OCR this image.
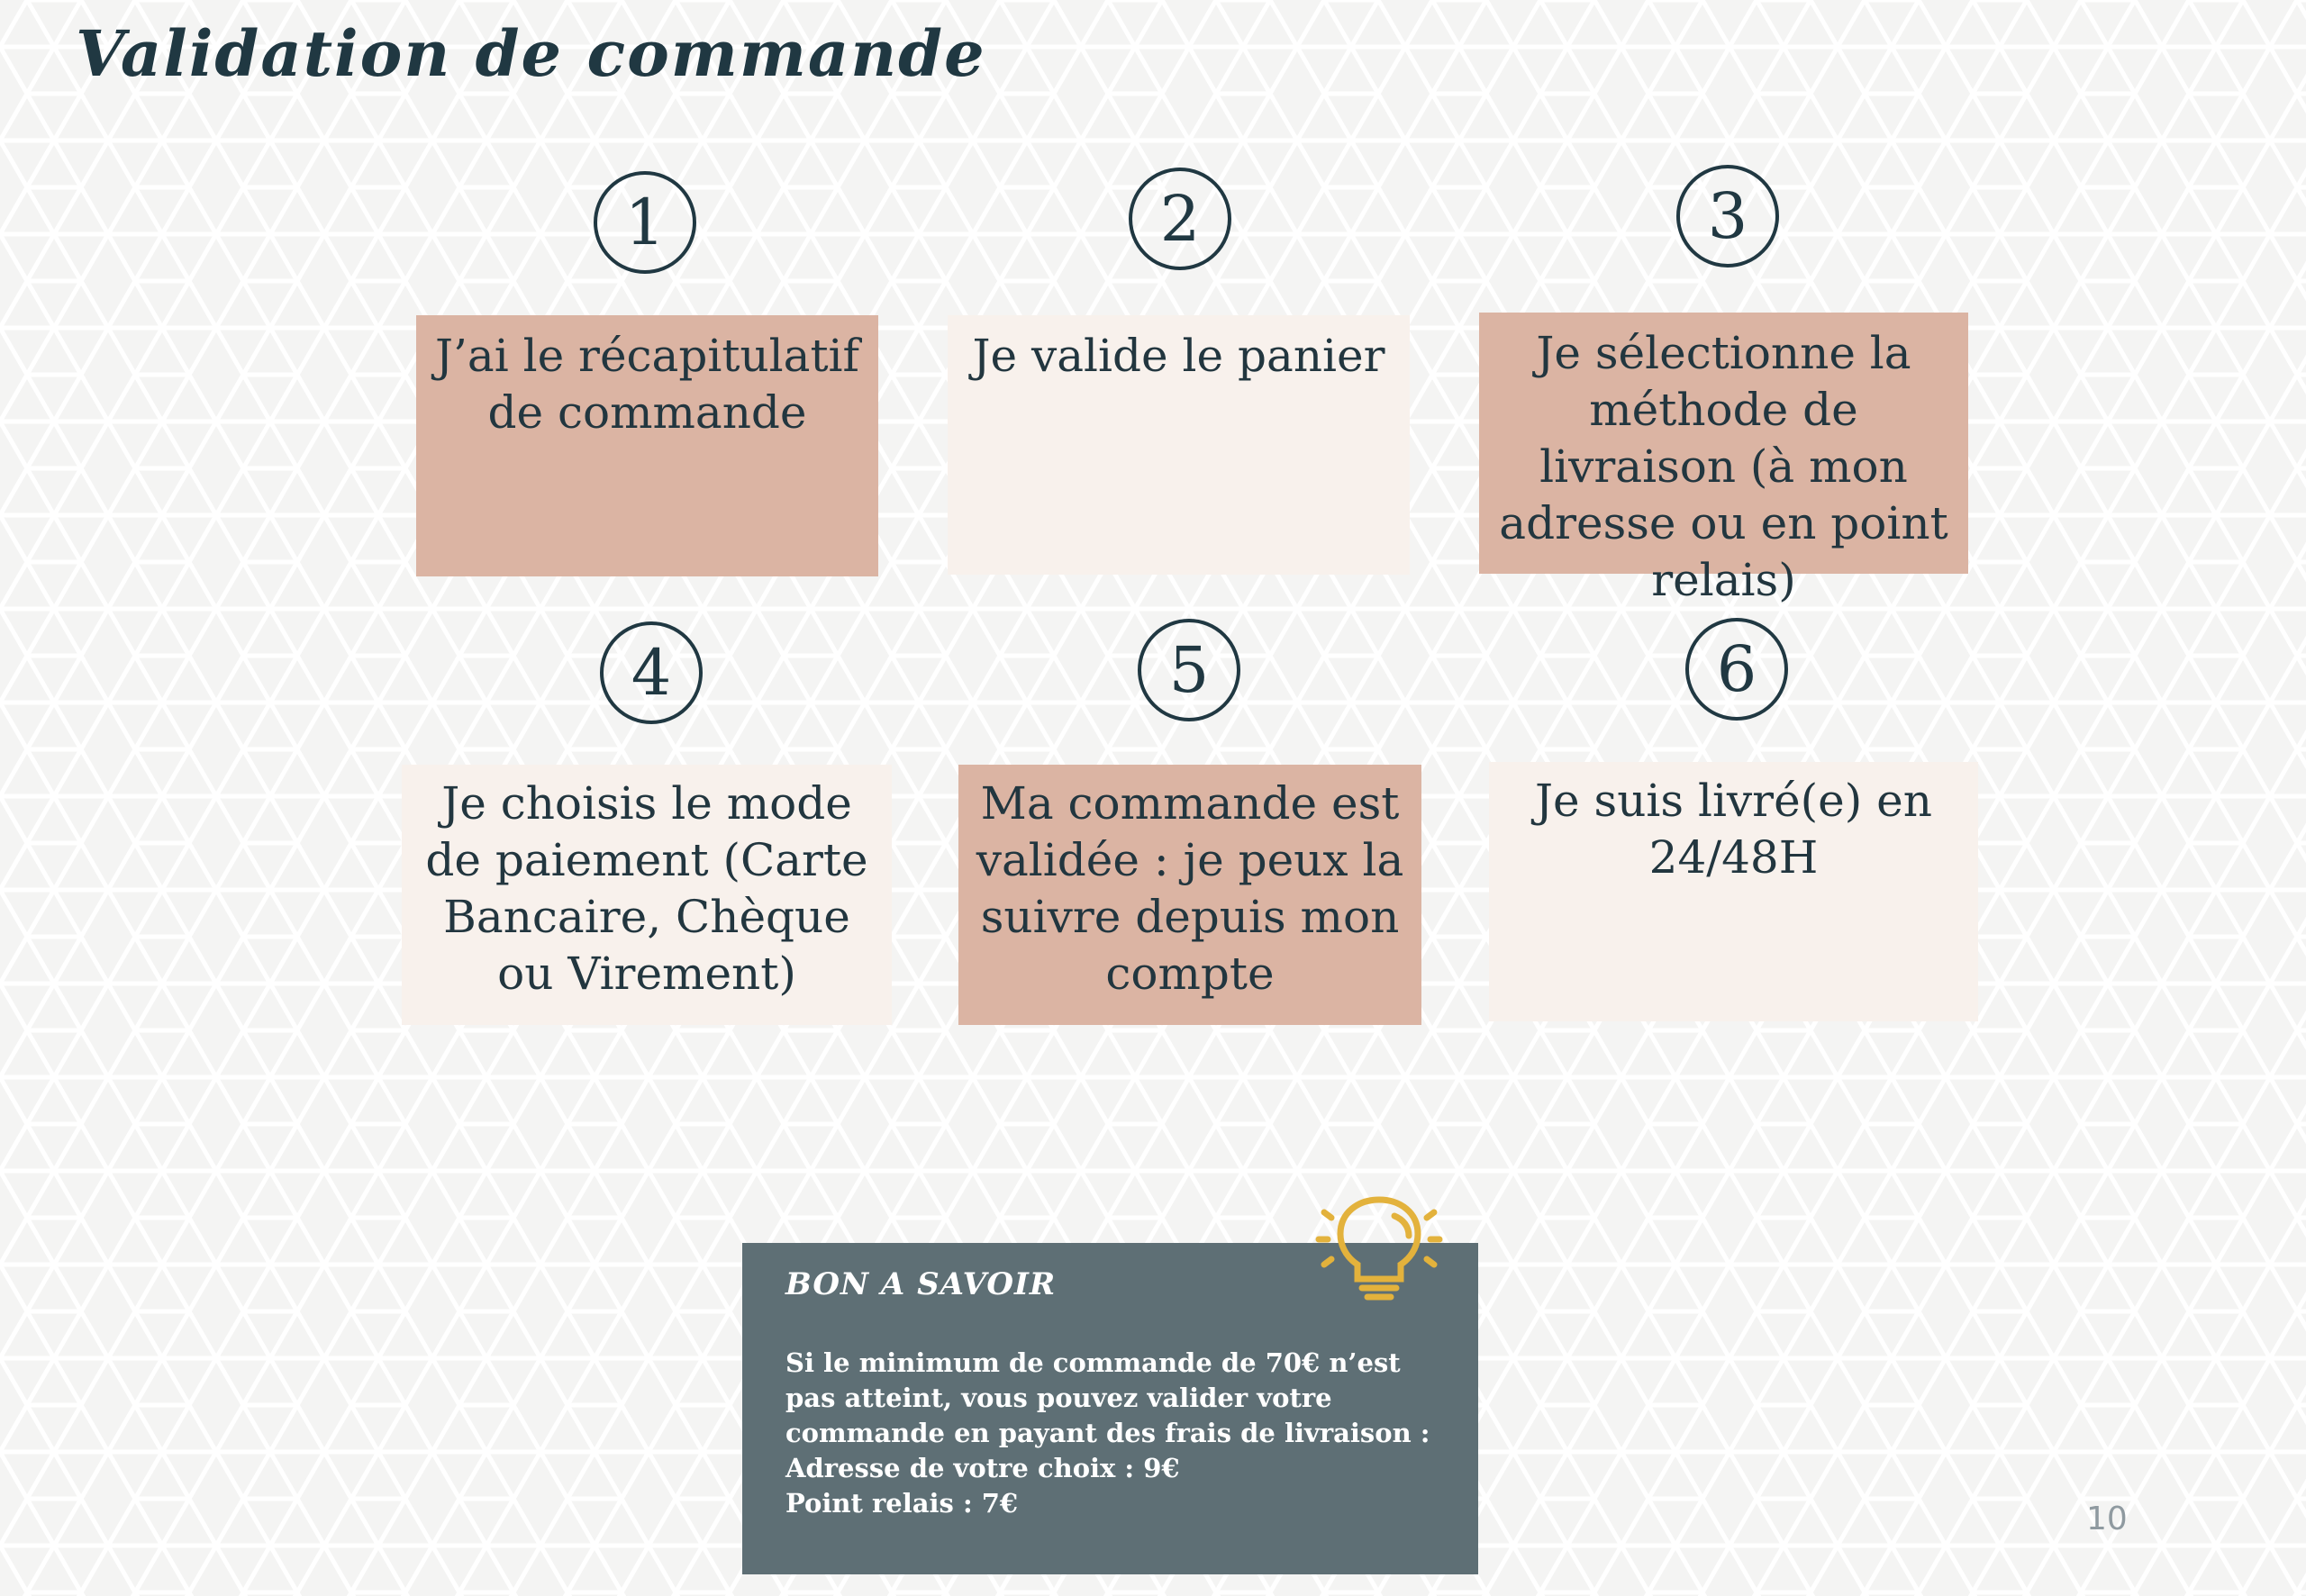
Validation de commande
1	2	3
4	5	6
J’ai le récapitulatif de commande
Je valide le panier	Je sélectionne la méthode de livraison (à mon adresse ou en point relais)
Je choisis le mode de paiement (Carte Bancaire, Chèque ou Virement)
Ma commande est validée : je peux la suivre depuis mon compte
Je suis livré(e) en 24/48H
BON A SAVOIR
Si le minimum de commande de 70€ n’est pas atteint, vous pouvez valider votre commande en payant des frais de livraison :
Adresse de votre choix : 9€
Point relais : 7€	10
